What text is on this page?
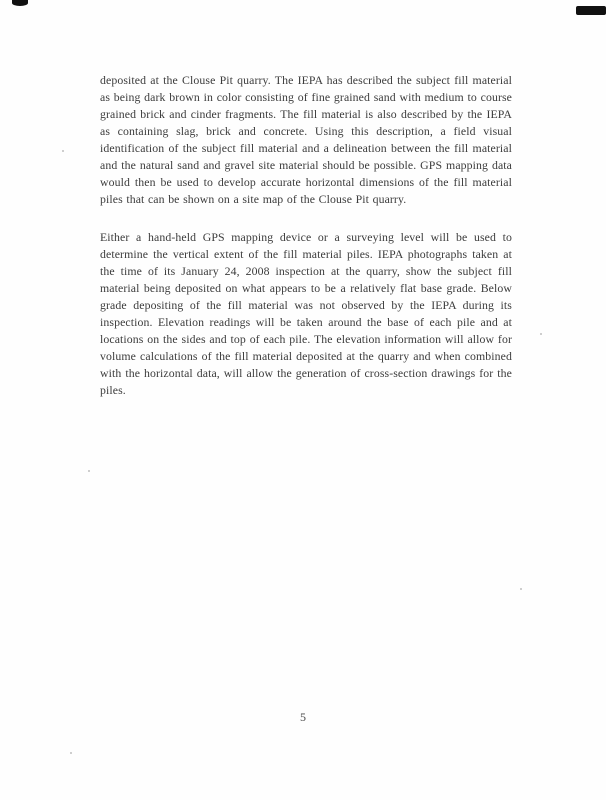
deposited at the Clouse Pit quarry. The IEPA has described the subject fill material as being dark brown in color consisting of fine grained sand with medium to course grained brick and cinder fragments. The fill material is also described by the IEPA as containing slag, brick and concrete. Using this description, a field visual identification of the subject fill material and a delineation between the fill material and the natural sand and gravel site material should be possible. GPS mapping data would then be used to develop accurate horizontal dimensions of the fill material piles that can be shown on a site map of the Clouse Pit quarry.

Either a hand-held GPS mapping device or a surveying level will be used to determine the vertical extent of the fill material piles. IEPA photographs taken at the time of its January 24, 2008 inspection at the quarry, show the subject fill material being deposited on what appears to be a relatively flat base grade. Below grade depositing of the fill material was not observed by the IEPA during its inspection. Elevation readings will be taken around the base of each pile and at locations on the sides and top of each pile. The elevation information will allow for volume calculations of the fill material deposited at the quarry and when combined with the horizontal data, will allow the generation of cross-section drawings for the piles.

5
